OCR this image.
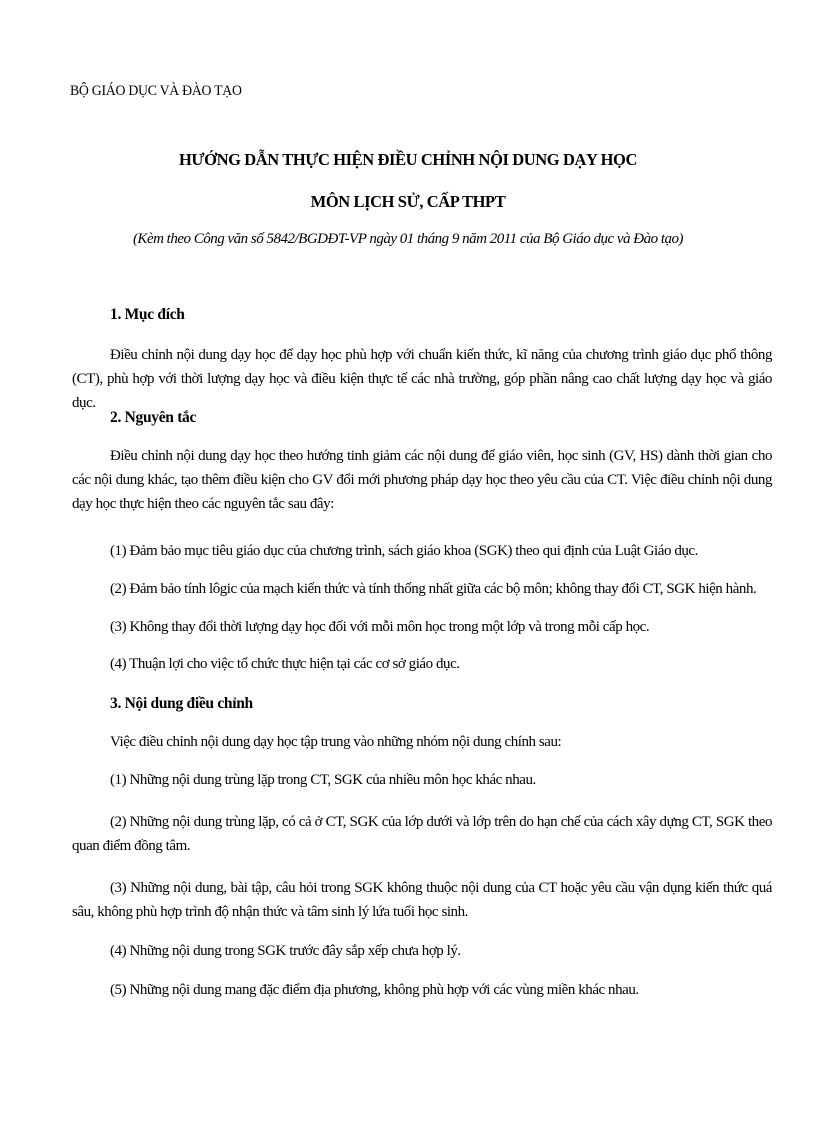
BỘ GIÁO DỤC VÀ ĐÀO TẠO
HƯỚNG DẪN THỰC HIỆN ĐIỀU CHỈNH NỘI DUNG DẠY HỌC
MÔN LỊCH SỬ, CẤP THPT
(Kèm theo Công văn số 5842/BGDĐT-VP ngày 01 tháng 9 năm 2011 của Bộ Giáo dục và Đào tạo)
1. Mục đích
Điều chỉnh nội dung dạy học để dạy học phù hợp với chuẩn kiến thức, kĩ năng của chương trình giáo dục phổ thông (CT), phù hợp với thời lượng dạy học và điều kiện thực tế các nhà trường, góp phần nâng cao chất lượng dạy học và giáo dục.
2. Nguyên tắc
Điều chỉnh nội dung dạy học theo hướng tinh giảm các nội dung để giáo viên, học sinh (GV, HS) dành thời gian cho các nội dung khác, tạo thêm điều kiện cho GV đổi mới phương pháp dạy học theo yêu cầu của CT. Việc điều chỉnh nội dung dạy học thực hiện theo các nguyên tắc sau đây:
(1) Đảm bảo mục tiêu giáo dục của chương trình, sách giáo khoa (SGK) theo qui định của Luật Giáo dục.
(2) Đảm bảo tính lôgic của mạch kiến thức và tính thống nhất giữa các bộ môn; không thay đổi CT, SGK hiện hành.
(3) Không thay đổi thời lượng dạy học đối với mỗi môn học trong một lớp và trong mỗi cấp học.
(4) Thuận lợi cho việc tổ chức thực hiện tại các cơ sở giáo dục.
3. Nội dung điều chỉnh
Việc điều chỉnh nội dung dạy học tập trung vào những nhóm nội dung chính sau:
(1) Những nội dung trùng lặp trong CT, SGK của nhiều môn học khác nhau.
(2) Những nội dung trùng lặp, có cả ở CT, SGK của lớp dưới và lớp trên do hạn chế của cách xây dựng CT, SGK theo quan điểm đồng tâm.
(3) Những nội dung, bài tập, câu hỏi trong SGK không thuộc nội dung của CT hoặc yêu cầu vận dụng kiến thức quá sâu, không phù hợp trình độ nhận thức và tâm sinh lý lứa tuổi học sinh.
(4) Những nội dung trong SGK trước đây sắp xếp chưa hợp lý.
(5) Những nội dung mang đặc điểm địa phương, không phù hợp với các vùng miền khác nhau.
